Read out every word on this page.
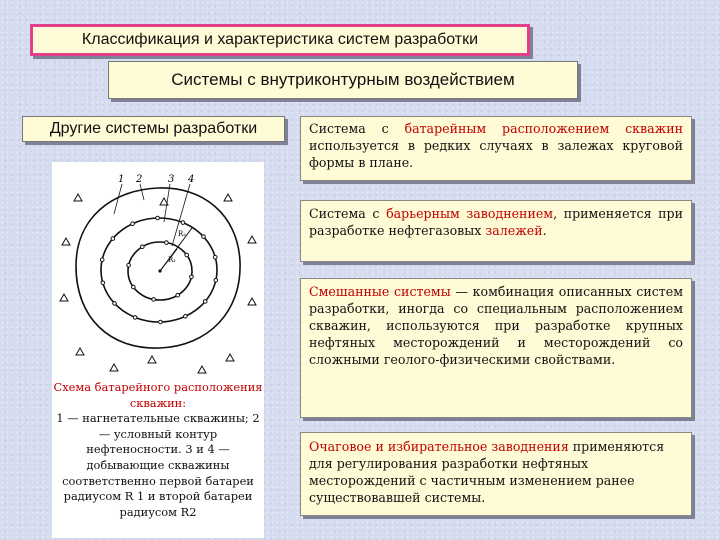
Классификация и характеристика систем разработки
Системы с внутриконтурным воздействием
Другие системы разработки	Система с батарейным расположением скважин используется в редких случаях в залежах круговой формы в плане.
Система с барьерным заводнением, применяется при разработке нефтегазовых залежей.
Смешанные системы — комбинация описанных систем разработки, иногда со специальным расположением скважин, используются при разработке крупных нефтяных месторождений и месторождений со сложными геолого-физическими свойствами.
Очаговое и избирательное заводнения применяются для регулирования разработки нефтяных месторождений с частичным изменением ранее существовавшей системы.
1 2	3 4
R₁
R₂
Схема батарейного расположения скважин:
1 — нагнетательные скважины; 2 — условный контур нефтеносности. 3 и 4 — добывающие скважины соответственно первой батареи радиусом R 1 и второй батареи радиусом R2
